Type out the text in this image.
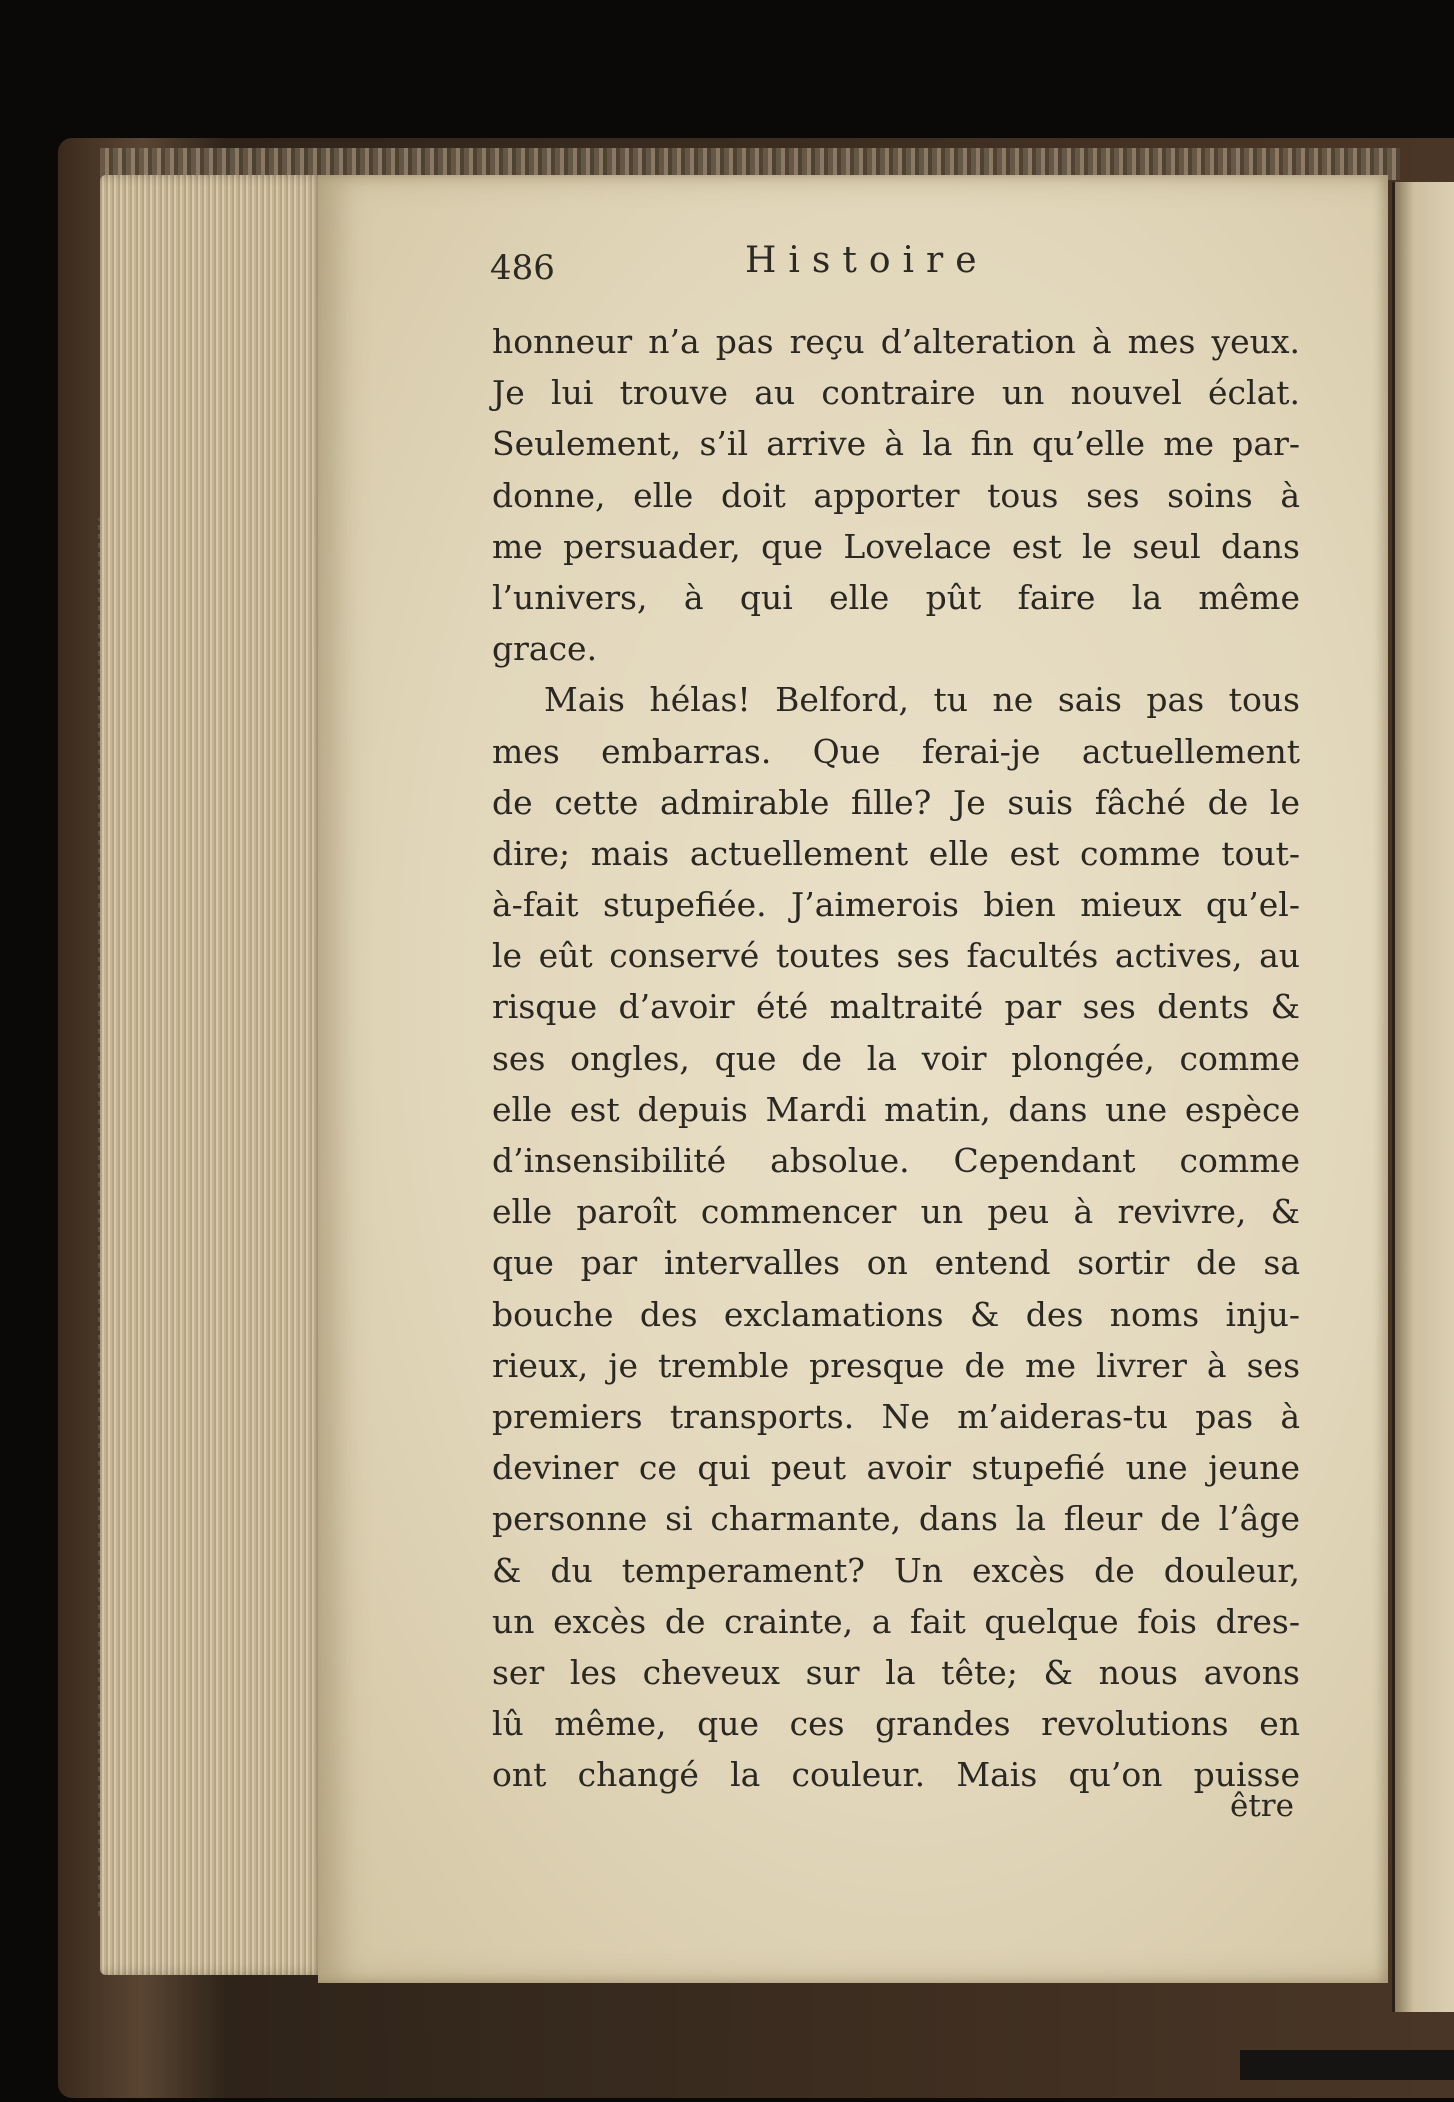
486	Histoire
honneur n’a pas reçu d’alteration à mes yeux.
Je lui trouve au contraire un nouvel éclat.
Seulement, s’il arrive à la fin qu’elle me par-
donne, elle doit apporter tous ses soins à
me persuader, que Lovelace est le seul dans
l’univers, à qui elle pût faire la même
grace.
Mais hélas! Belford, tu ne sais pas tous
mes embarras. Que ferai-je actuellement
de cette admirable fille? Je suis fâché de le
dire; mais actuellement elle est comme tout-
à-fait stupefiée. J’aimerois bien mieux qu’el-
le eût conservé toutes ses facultés actives, au
risque d’avoir été maltraité par ses dents &
ses ongles, que de la voir plongée, comme
elle est depuis Mardi matin, dans une espèce
d’insensibilité absolue. Cependant comme
elle paroît commencer un peu à revivre, &
que par intervalles on entend sortir de sa
bouche des exclamations & des noms inju-
rieux, je tremble presque de me livrer à ses
premiers transports. Ne m’aideras-tu pas à
deviner ce qui peut avoir stupefié une jeune
personne si charmante, dans la fleur de l’âge
& du temperament? Un excès de douleur,
un excès de crainte, a fait quelque fois dres-
ser les cheveux sur la tête; & nous avons
lû même, que ces grandes revolutions en
ont changé la couleur. Mais qu’on puisse
être
